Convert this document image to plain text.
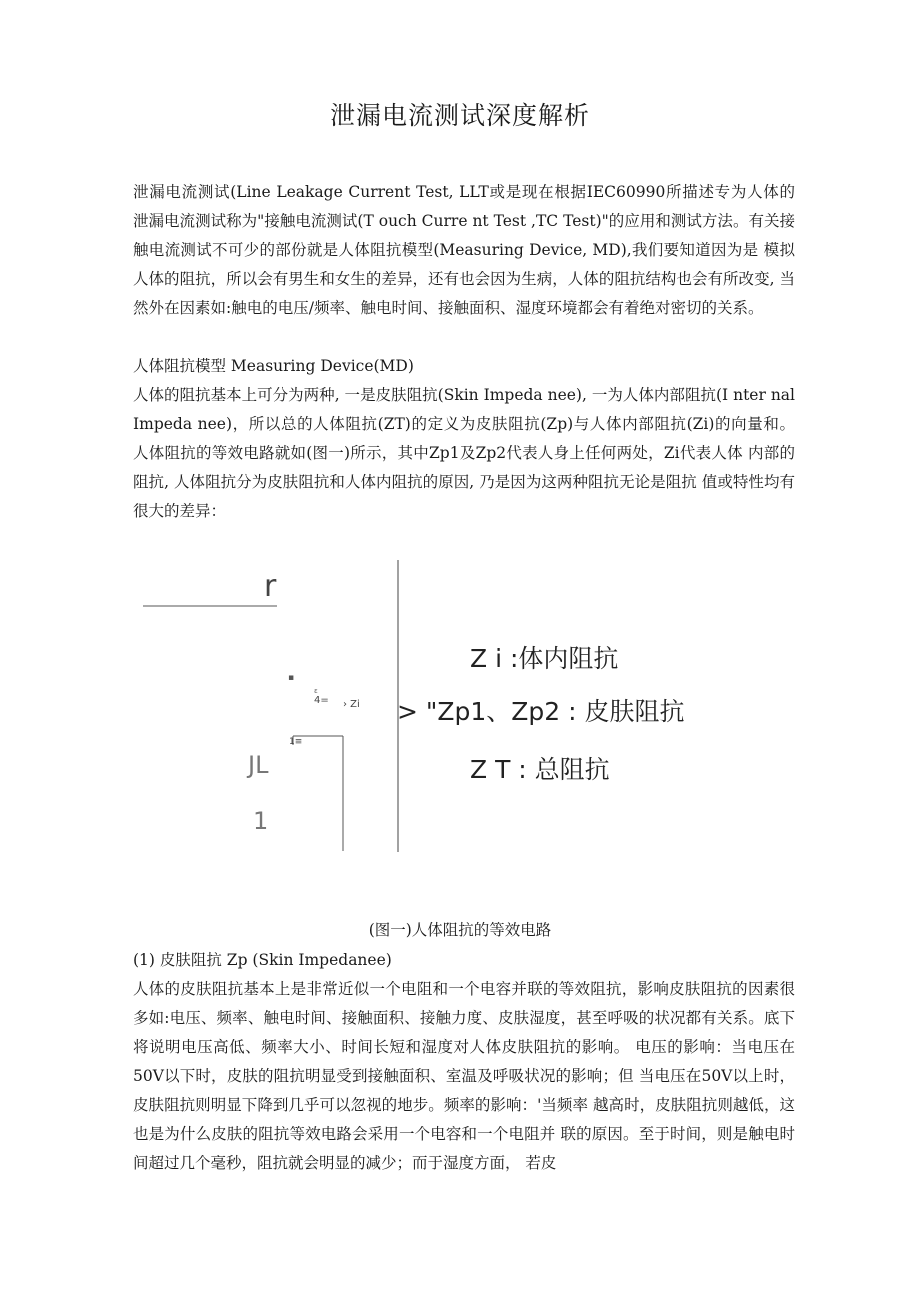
泄漏电流测试深度解析

泄漏电流测试(Line Leakage Current Test, LLT或是现在根据IEC60990所描述专为人体的 泄漏电流测试称为"接触电流测试(T ouch Curre nt Test ,TC Test)"的应用和测试方法。有关接触电流测试不可少的部份就是人体阻抗模型(Measuring Device, MD),我们要知道因为是 模拟人体的阻抗，所以会有男生和女生的差异，还有也会因为生病，人体的阻抗结构也会有所改变, 当然外在因素如:触电的电压/频率、触电时间、接触面积、湿度环境都会有着绝对密切的关系。

人体阻抗模型 Measuring Device(MD)

人体的阻抗基本上可分为两种, 一是皮肤阻抗(Skin Impeda nee), 一为人体内部阻抗(I nter nal Impeda nee)，所以总的人体阻抗(ZT)的定义为皮肤阻抗(Zp)与人体内部阻抗(Zi)的向量和。 人体阻抗的等效电路就如(图一)所示，其中Zp1及Zp2代表人身上任何两处，Zi代表人体 内部的阻抗, 人体阻抗分为皮肤阻抗和人体内阻抗的原因, 乃是因为这两种阻抗无论是阻抗 值或特性均有很大的差异：

r
▪
ε
4= › Zi
1≡
JL
1
Z i :体内阻抗
> "Zp1、Zp2 : 皮肤阻抗
Z T : 总阻抗
(图一)人体阻抗的等效电路
(1) 皮肤阻抗 Zp (Skin Impedanee)

人体的皮肤阻抗基本上是非常近似一个电阻和一个电容并联的等效阻抗，影响皮肤阻抗的因素很多如:电压、频率、触电时间、接触面积、接触力度、皮肤湿度，甚至呼吸的状况都有关系。底下将说明电压高低、频率大小、时间长短和湿度对人体皮肤阻抗的影响。 电压的影响：当电压在50V以下时，皮肤的阻抗明显受到接触面积、室温及呼吸状况的影响；但 当电压在50V以上时，皮肤阻抗则明显下降到几乎可以忽视的地步。频率的影响：'当频率 越高时，皮肤阻抗则越低，这也是为什么皮肤的阻抗等效电路会采用一个电容和一个电阻并 联的原因。至于时间，则是触电时间超过几个毫秒，阻抗就会明显的减少；而于湿度方面， 若皮
